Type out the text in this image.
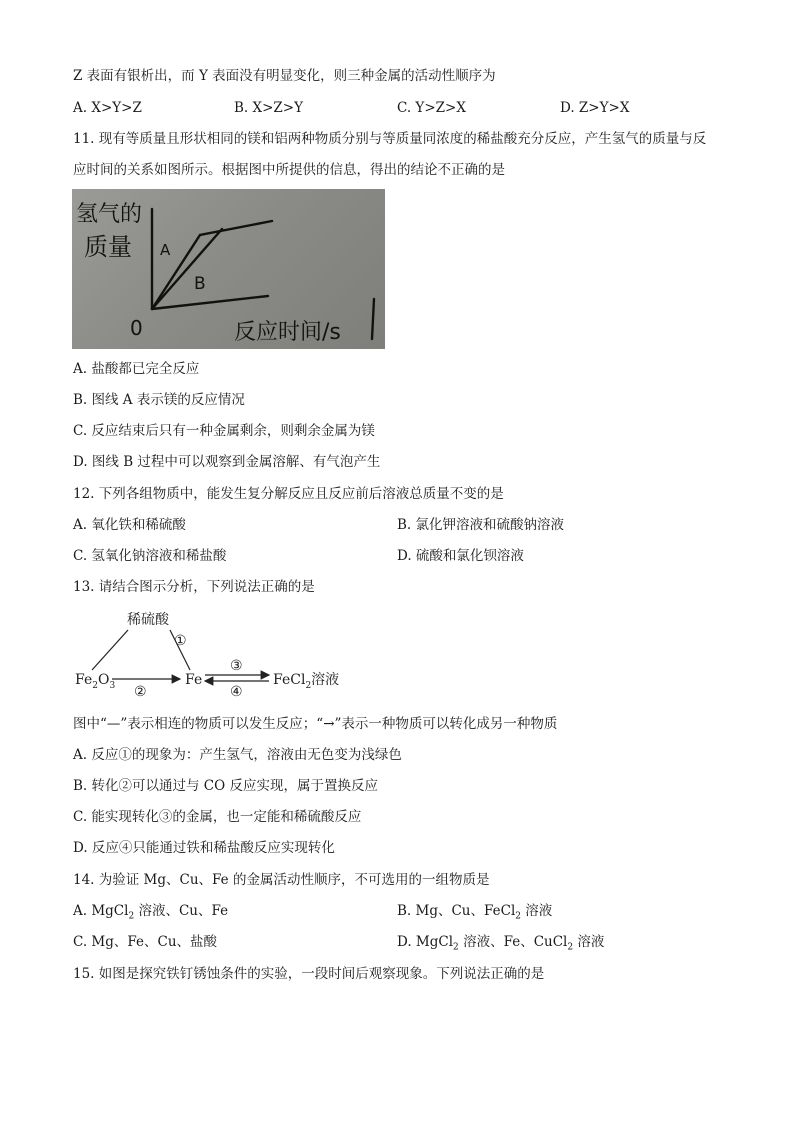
Z 表面有银析出，而 Y 表面没有明显变化，则三种金属的活动性顺序为
A. X>Y>Z	B. X>Z>Y	C. Y>Z>X	D. Z>Y>X
11. 现有等质量且形状相同的镁和铝两种物质分别与等质量同浓度的稀盐酸充分反应，产生氢气的质量与反
应时间的关系如图所示。根据图中所提供的信息，得出的结论不正确的是
氢气的
质量 A
B
0	反应时间/s
A. 盐酸都已完全反应
B. 图线 A 表示镁的反应情况
C. 反应结束后只有一种金属剩余，则剩余金属为镁
D. 图线 B 过程中可以观察到金属溶解、有气泡产生
12. 下列各组物质中，能发生复分解反应且反应前后溶液总质量不变的是
A. 氧化铁和稀硫酸	B. 氯化钾溶液和硫酸钠溶液
C. 氢氧化钠溶液和稀盐酸	D. 硫酸和氯化钡溶液
13. 请结合图示分析，下列说法正确的是
稀硫酸
$Fe_2O_3$	Fe	FeCl$_2$溶液
①
②
③
④
图中“—”表示相连的物质可以发生反应；“→”表示一种物质可以转化成另一种物质
A. 反应①的现象为：产生氢气，溶液由无色变为浅绿色
B. 转化②可以通过与 CO 反应实现，属于置换反应
C. 能实现转化③的金属，也一定能和稀硫酸反应
D. 反应④只能通过铁和稀盐酸反应实现转化
14. 为验证 Mg、Cu、Fe 的金属活动性顺序，不可选用的一组物质是
A. MgCl$_2$ 溶液、Cu、Fe	B. Mg、Cu、FeCl$_2$ 溶液
C. Mg、Fe、Cu、盐酸	D. MgCl$_2$ 溶液、Fe、CuCl$_2$ 溶液
15. 如图是探究铁钉锈蚀条件的实验，一段时间后观察现象。下列说法正确的是
